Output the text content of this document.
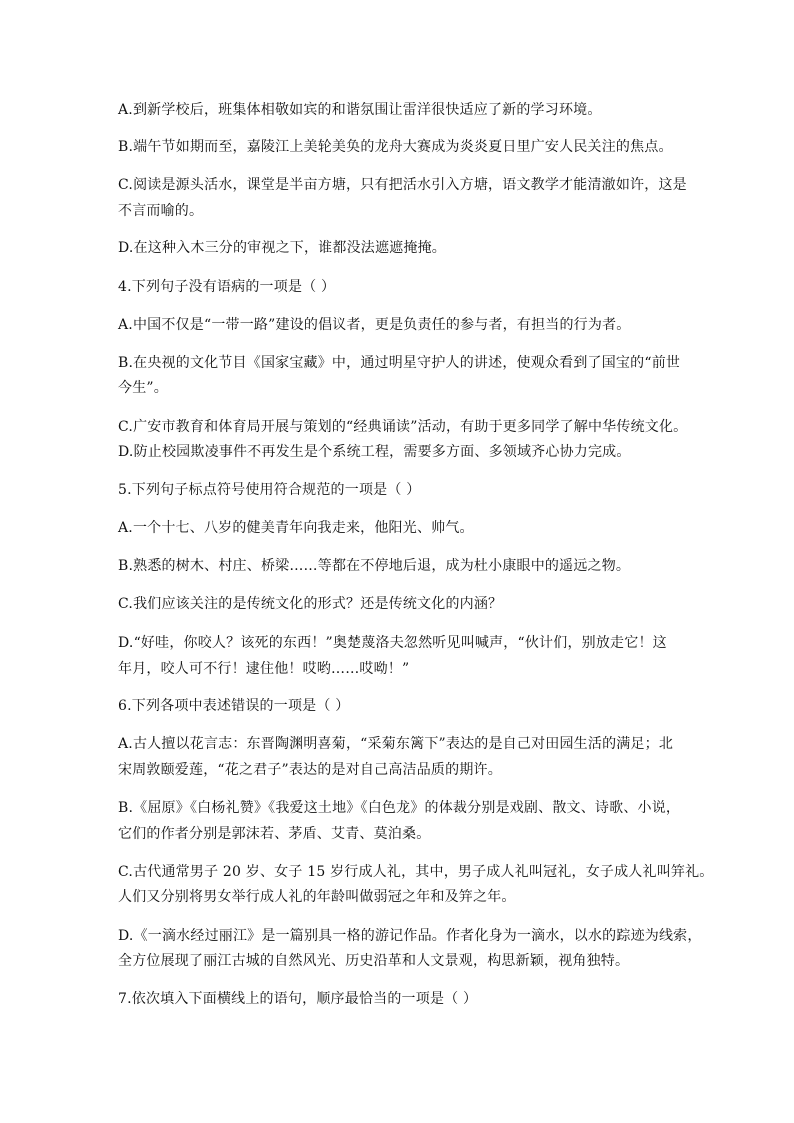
A.到新学校后，班集体相敬如宾的和谐氛围让雷洋很快适应了新的学习环境。
B.端午节如期而至，嘉陵江上美轮美奂的龙舟大赛成为炎炎夏日里广安人民关注的焦点。
C.阅读是源头活水，课堂是半亩方塘，只有把活水引入方塘，语文教学才能清澈如许，这是
不言而喻的。
D.在这种入木三分的审视之下，谁都没法遮遮掩掩。
4.下列句子没有语病的一项是（ ）
A.中国不仅是“一带一路”建设的倡议者，更是负责任的参与者，有担当的行为者。
B.在央视的文化节目《国家宝藏》中，通过明星守护人的讲述，使观众看到了国宝的“前世
今生”。
C.广安市教育和体育局开展与策划的“经典诵读”活动，有助于更多同学了解中华传统文化。
D.防止校园欺凌事件不再发生是个系统工程，需要多方面、多领域齐心协力完成。
5.下列句子标点符号使用符合规范的一项是（ ）
A.一个十七、八岁的健美青年向我走来，他阳光、帅气。
B.熟悉的树木、村庄、桥梁……等都在不停地后退，成为杜小康眼中的遥远之物。
C.我们应该关注的是传统文化的形式？还是传统文化的内涵？
D.“好哇，你咬人？该死的东西！”奥楚蔑洛夫忽然听见叫喊声，“伙计们，别放走它！这
年月，咬人可不行！逮住他！哎哟……哎呦！”
6.下列各项中表述错误的一项是（ ）
A.古人擅以花言志：东晋陶渊明喜菊，“采菊东篱下”表达的是自己对田园生活的满足；北
宋周敦颐爱莲，“花之君子”表达的是对自己高洁品质的期许。
B.《屈原》《白杨礼赞》《我爱这土地》《白色龙》的体裁分别是戏剧、散文、诗歌、小说，
它们的作者分别是郭沫若、茅盾、艾青、莫泊桑。
C.古代通常男子 20 岁、女子 15 岁行成人礼，其中，男子成人礼叫冠礼，女子成人礼叫笄礼。
人们又分别将男女举行成人礼的年龄叫做弱冠之年和及笄之年。
D.《一滴水经过丽江》是一篇别具一格的游记作品。作者化身为一滴水，以水的踪迹为线索，
全方位展现了丽江古城的自然风光、历史沿革和人文景观，构思新颖，视角独特。
7.依次填入下面横线上的语句，顺序最恰当的一项是（ ）
